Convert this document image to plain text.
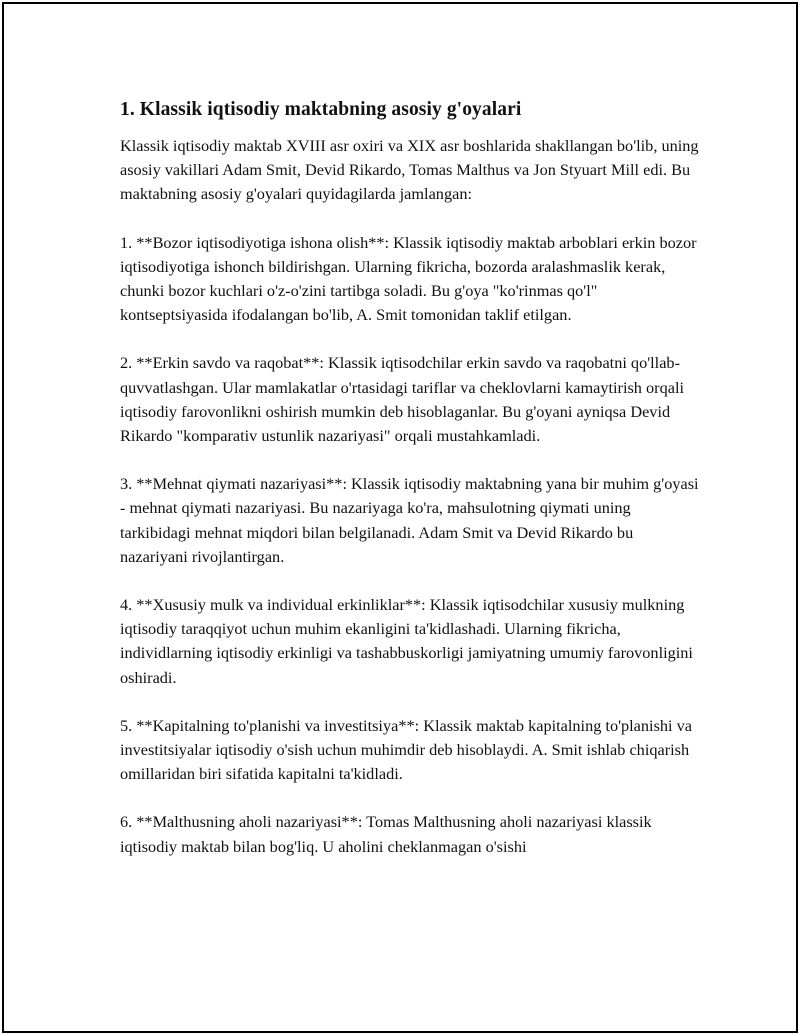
1. Klassik iqtisodiy maktabning asosiy g'oyalari

Klassik iqtisodiy maktab XVIII asr oxiri va XIX asr boshlarida shakllangan bo'lib, uning asosiy vakillari Adam Smit, Devid Rikardo, Tomas Malthus va Jon Styuart Mill edi. Bu maktabning asosiy g'oyalari quyidagilarda jamlangan:

1. **Bozor iqtisodiyotiga ishona olish**: Klassik iqtisodiy maktab arboblari erkin bozor iqtisodiyotiga ishonch bildirishgan. Ularning fikricha, bozorda aralashmaslik kerak, chunki bozor kuchlari o'z-o'zini tartibga soladi. Bu g'oya "ko'rinmas qo'l" kontseptsiyasida ifodalangan bo'lib, A. Smit tomonidan taklif etilgan.

2. **Erkin savdo va raqobat**: Klassik iqtisodchilar erkin savdo va raqobatni qo'llab-quvvatlashgan. Ular mamlakatlar o'rtasidagi tariflar va cheklovlarni kamaytirish orqali iqtisodiy farovonlikni oshirish mumkin deb hisoblaganlar. Bu g'oyani ayniqsa Devid Rikardo "komparativ ustunlik nazariyasi" orqali mustahkamladi.

3. **Mehnat qiymati nazariyasi**: Klassik iqtisodiy maktabning yana bir muhim g'oyasi - mehnat qiymati nazariyasi. Bu nazariyaga ko'ra, mahsulotning qiymati uning tarkibidagi mehnat miqdori bilan belgilanadi. Adam Smit va Devid Rikardo bu nazariyani rivojlantirgan.

4. **Xususiy mulk va individual erkinliklar**: Klassik iqtisodchilar xususiy mulkning iqtisodiy taraqqiyot uchun muhim ekanligini ta'kidlashadi. Ularning fikricha, individlarning iqtisodiy erkinligi va tashabbuskorligi jamiyatning umumiy farovonligini oshiradi.

5. **Kapitalning to'planishi va investitsiya**: Klassik maktab kapitalning to'planishi va investitsiyalar iqtisodiy o'sish uchun muhimdir deb hisoblaydi. A. Smit ishlab chiqarish omillaridan biri sifatida kapitalni ta'kidladi.

6. **Malthusning aholi nazariyasi**: Tomas Malthusning aholi nazariyasi klassik iqtisodiy maktab bilan bog'liq. U aholini cheklanmagan o'sishi
